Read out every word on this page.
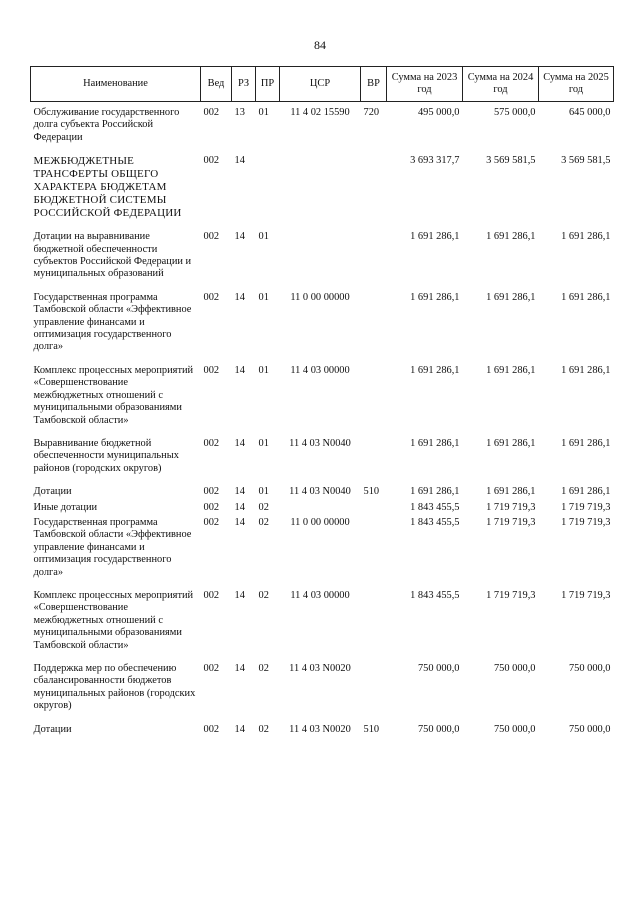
84
Наименование	Вед	РЗ	ПР	ЦСР	ВР	Сумма на 2023 год	Сумма на 2024 год	Сумма на 2025 год
Обслуживание государственного долга субъекта Российской Федерации	002	13	01	11 4 02 15590	720	495 000,0	575 000,0	645 000,0
МЕЖБЮДЖЕТНЫЕ ТРАНСФЕРТЫ ОБЩЕГО ХАРАКТЕРА БЮДЖЕТАМ БЮДЖЕТНОЙ СИСТЕМЫ РОССИЙСКОЙ ФЕДЕРАЦИИ	002	14				3 693 317,7	3 569 581,5	3 569 581,5
Дотации на выравнивание бюджетной обеспеченности субъектов Российской Федерации и муниципальных образований	002	14	01			1 691 286,1	1 691 286,1	1 691 286,1
Государственная программа Тамбовской области «Эффективное управление финансами и оптимизация государственного долга»	002	14	01	11 0 00 00000		1 691 286,1	1 691 286,1	1 691 286,1
Комплекс процессных мероприятий «Совершенствование межбюджетных отношений с муниципальными образованиями Тамбовской области»	002	14	01	11 4 03 00000		1 691 286,1	1 691 286,1	1 691 286,1
Выравнивание бюджетной обеспеченности муниципальных районов (городских округов)	002	14	01	11 4 03 N0040		1 691 286,1	1 691 286,1	1 691 286,1
Дотации	002	14	01	11 4 03 N0040	510	1 691 286,1	1 691 286,1	1 691 286,1
Иные дотации	002	14	02			1 843 455,5	1 719 719,3	1 719 719,3
Государственная программа Тамбовской области «Эффективное управление финансами и оптимизация государственного долга»	002	14	02	11 0 00 00000		1 843 455,5	1 719 719,3	1 719 719,3
Комплекс процессных мероприятий «Совершенствование межбюджетных отношений с муниципальными образованиями Тамбовской области»	002	14	02	11 4 03 00000		1 843 455,5	1 719 719,3	1 719 719,3
Поддержка мер по обеспечению сбалансированности бюджетов муниципальных районов (городских округов)	002	14	02	11 4 03 N0020		750 000,0	750 000,0	750 000,0
Дотации	002	14	02	11 4 03 N0020	510	750 000,0	750 000,0	750 000,0
